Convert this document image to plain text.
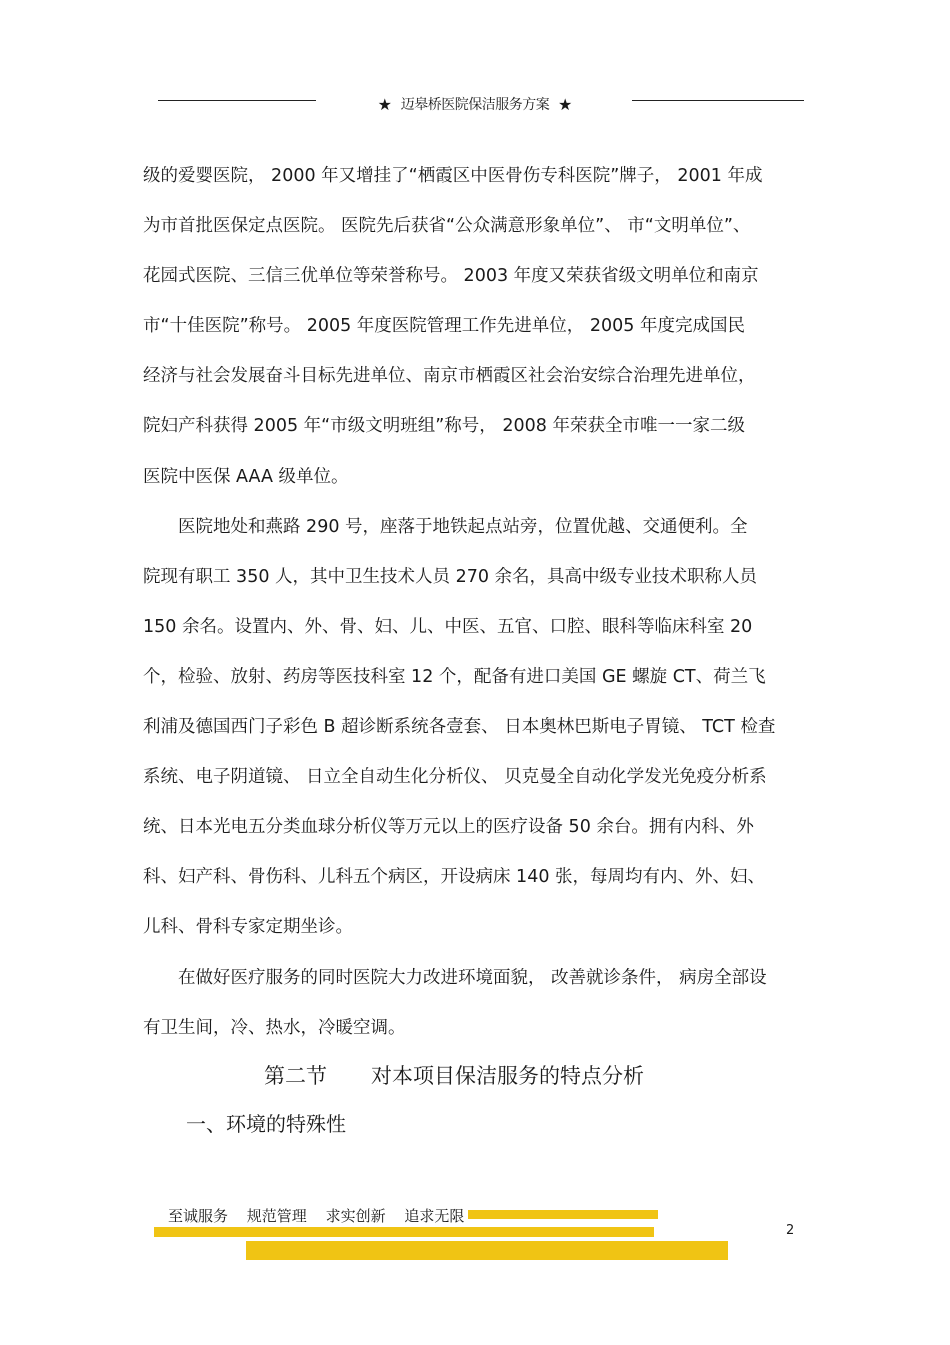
★ 迈皋桥医院保洁服务方案 ★
级的爱婴医院， 2000 年又增挂了“栖霞区中医骨伤专科医院”牌子， 2001 年成
为市首批医保定点医院。 医院先后获省“公众满意形象单位”、 市“文明单位”、
花园式医院、三信三优单位等荣誉称号。 2003 年度又荣获省级文明单位和南京
市“十佳医院”称号。 2005 年度医院管理工作先进单位， 2005 年度完成国民
经济与社会发展奋斗目标先进单位、南京市栖霞区社会治安综合治理先进单位，
院妇产科获得 2005 年“市级文明班组”称号， 2008 年荣获全市唯一一家二级
医院中医保 AAA 级单位。
　　医院地处和燕路 290 号，座落于地铁起点站旁，位置优越、交通便利。全
院现有职工 350 人，其中卫生技术人员 270 余名，具高中级专业技术职称人员
150 余名。设置内、外、骨、妇、儿、中医、五官、口腔、眼科等临床科室 20
个，检验、放射、药房等医技科室 12 个，配备有进口美国 GE 螺旋 CT、荷兰飞
利浦及德国西门子彩色 B 超诊断系统各壹套、 日本奥林巴斯电子胃镜、 TCT 检查
系统、电子阴道镜、 日立全自动生化分析仪、 贝克曼全自动化学发光免疫分析系
统、日本光电五分类血球分析仪等万元以上的医疗设备 50 余台。拥有内科、外
科、妇产科、骨伤科、儿科五个病区，开设病床 140 张，每周均有内、外、妇、
儿科、骨科专家定期坐诊。
　　在做好医疗服务的同时医院大力改进环境面貌， 改善就诊条件， 病房全部设
有卫生间，冷、热水，冷暖空调。
第二节 对本项目保洁服务的特点分析
一、环境的特殊性
至诚服务 规范管理 求实创新 追求无限
2
